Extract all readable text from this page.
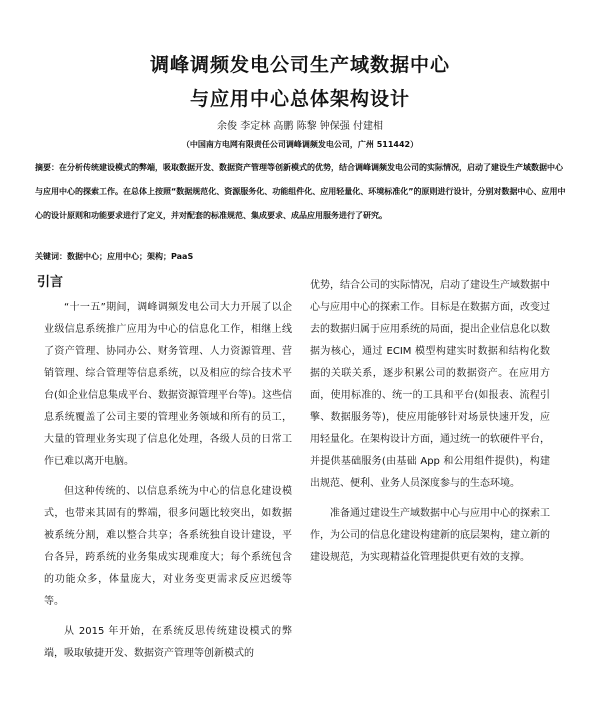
调峰调频发电公司生产域数据中心
与应用中心总体架构设计
余俊 李定林 高鹏 陈黎 钟保强 付建相
（中国南方电网有限责任公司调峰调频发电公司，广州 511442）
摘要：在分析传统建设模式的弊端，吸取数据开发、数据资产管理等创新模式的优势，结合调峰调频发电公司的实际情况，启动了建设生产域数据中心与应用中心的探索工作。在总体上按照“数据规范化、资源服务化、功能组件化、应用轻量化、环境标准化”的原则进行设计，分别对数据中心、应用中心的设计原则和功能要求进行了定义，并对配套的标准规范、集成要求、成品应用服务进行了研究。
关键词：数据中心；应用中心；架构；PaaS
引言

“十一五”期间，调峰调频发电公司大力开展了以企业级信息系统推广应用为中心的信息化工作，相继上线了资产管理、协同办公、财务管理、人力资源管理、营销管理、综合管理等信息系统，以及相应的综合技术平台(如企业信息集成平台、数据资源管理平台等)。这些信息系统覆盖了公司主要的管理业务领域和所有的员工，大量的管理业务实现了信息化处理，各级人员的日常工作已难以离开电脑。

但这种传统的、以信息系统为中心的信息化建设模式，也带来其固有的弊端，很多问题比较突出，如数据被系统分割，难以整合共享；各系统独自设计建设，平台各异，跨系统的业务集成实现难度大；每个系统包含的功能众多，体量庞大，对业务变更需求反应迟缓等等。

从 2015 年开始，在系统反思传统建设模式的弊端，吸取敏捷开发、数据资产管理等创新模式的

优势，结合公司的实际情况，启动了建设生产域数据中心与应用中心的探索工作。目标是在数据方面，改变过去的数据归属于应用系统的局面，提出企业信息化以数据为核心，通过 ECIM 模型构建实时数据和结构化数据的关联关系，逐步积累公司的数据资产。在应用方面，使用标准的、统一的工具和平台(如报表、流程引擎、数据服务等)，使应用能够针对场景快速开发，应用轻量化。在架构设计方面，通过统一的软硬件平台，并提供基础服务(由基础 App 和公用组件提供)，构建出规范、便利、业务人员深度参与的生态环境。

准备通过建设生产域数据中心与应用中心的探索工作，为公司的信息化建设构建新的底层架构，建立新的建设规范，为实现精益化管理提供更有效的支撑。
